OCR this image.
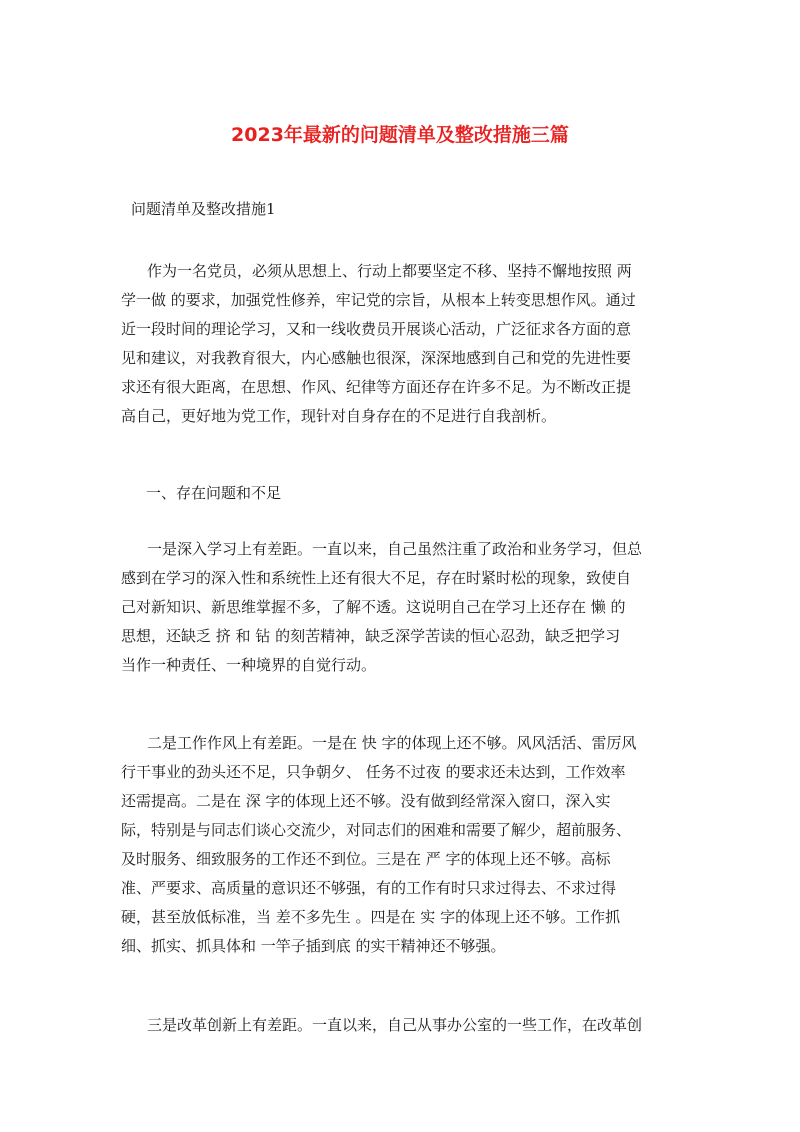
2023年最新的问题清单及整改措施三篇
问题清单及整改措施1
作为一名党员，必须从思想上、行动上都要坚定不移、坚持不懈地按照 两
学一做 的要求，加强党性修养，牢记党的宗旨，从根本上转变思想作风。通过
近一段时间的理论学习，又和一线收费员开展谈心活动，广泛征求各方面的意
见和建议，对我教育很大，内心感触也很深，深深地感到自己和党的先进性要
求还有很大距离，在思想、作风、纪律等方面还存在许多不足。为不断改正提
高自己，更好地为党工作，现针对自身存在的不足进行自我剖析。
一、存在问题和不足
一是深入学习上有差距。一直以来，自己虽然注重了政治和业务学习，但总
感到在学习的深入性和系统性上还有很大不足，存在时紧时松的现象，致使自
己对新知识、新思维掌握不多，了解不透。这说明自己在学习上还存在 懒 的
思想，还缺乏 挤 和 钻 的刻苦精神，缺乏深学苦读的恒心忍劲，缺乏把学习
当作一种责任、一种境界的自觉行动。
二是工作作风上有差距。一是在 快 字的体现上还不够。风风活活、雷厉风
行干事业的劲头还不足，只争朝夕、 任务不过夜 的要求还未达到，工作效率
还需提高。二是在 深 字的体现上还不够。没有做到经常深入窗口，深入实
际，特别是与同志们谈心交流少，对同志们的困难和需要了解少，超前服务、
及时服务、细致服务的工作还不到位。三是在 严 字的体现上还不够。高标
准、严要求、高质量的意识还不够强，有的工作有时只求过得去、不求过得
硬，甚至放低标准，当 差不多先生 。四是在 实 字的体现上还不够。工作抓
细、抓实、抓具体和 一竿子插到底 的实干精神还不够强。
三是改革创新上有差距。一直以来，自己从事办公室的一些工作，在改革创
